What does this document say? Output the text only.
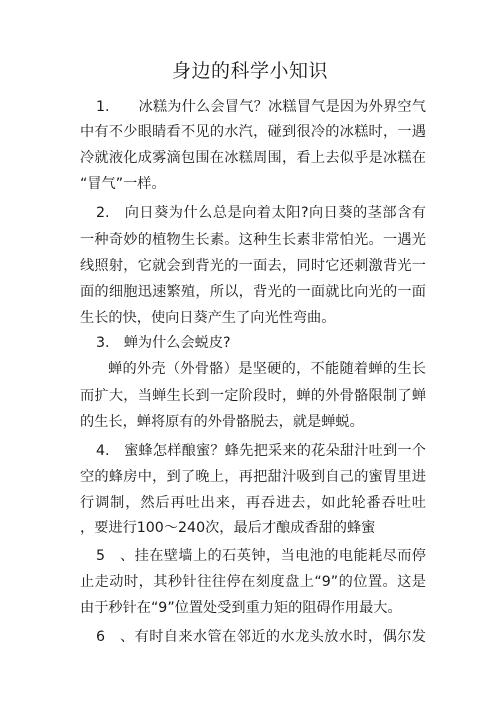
身边的科学小知识
1.　　冰糕为什么会冒气？冰糕冒气是因为外界空气
中有不少眼睛看不见的水汽，碰到很冷的冰糕时，一遇
冷就液化成雾滴包围在冰糕周围，看上去似乎是冰糕在
“冒气”一样。
2.　向日葵为什么总是向着太阳?向日葵的茎部含有
一种奇妙的植物生长素。这种生长素非常怕光。一遇光
线照射，它就会到背光的一面去，同时它还刺激背光一
面的细胞迅速繁殖，所以，背光的一面就比向光的一面
生长的快，使向日葵产生了向光性弯曲。
3.　蝉为什么会蜕皮?
蝉的外壳（外骨骼）是坚硬的，不能随着蝉的生长
而扩大，当蝉生长到一定阶段时，蝉的外骨骼限制了蝉
的生长，蝉将原有的外骨骼脱去，就是蝉蜕。
4.　蜜蜂怎样酿蜜？蜂先把采来的花朵甜汁吐到一个
空的蜂房中，到了晚上，再把甜汁吸到自己的蜜胃里进
行调制，然后再吐出来，再吞进去，如此轮番吞吐吐
，要进行100～240次，最后才酿成香甜的蜂蜜
5　、挂在壁墙上的石英钟，当电池的电能耗尽而停
止走动时，其秒针往往停在刻度盘上“9”的位置。这是
由于秒针在“9”位置处受到重力矩的阻碍作用最大。
6　、有时自来水管在邻近的水龙头放水时，偶尔发
